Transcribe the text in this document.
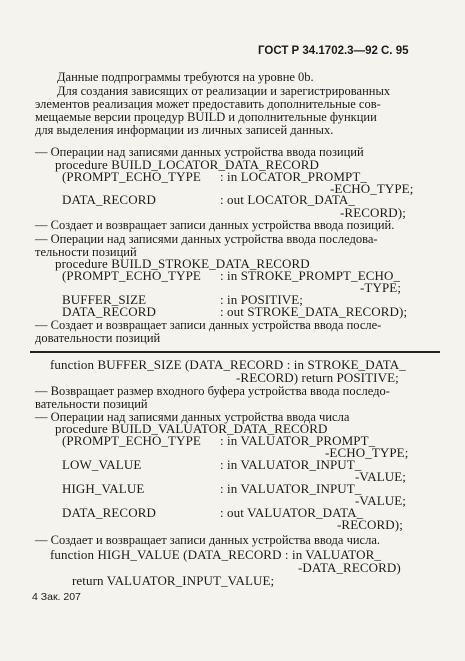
ГОСТ Р 34.1702.3—92 С. 95
Данные подпрограммы требуются на уровне 0b.
Для создания зависящих от реализации и зарегистрированных
элементов реализация может предоставить дополнительные сов-
мещаемые версии процедур BUILD и дополнительные функции
для выделения информации из личных записей данных.
— Операции над записями данных устройства ввода позиций
procedure BUILD_LOCATOR_DATA_RECORD
(PROMPT_ECHO_TYPE : in LOCATOR_PROMPT_
-ECHO_TYPE;
DATA_RECORD	: out LOCATOR_DATA_
-RECORD);
— Создает и возвращает записи данных устройства ввода позиций.
— Операции над записями данных устройства ввода последова-
тельности позиций
procedure BUILD_STROKE_DATA_RECORD
(PROMPT_ECHO_TYPE : in STROKE_PROMPT_ECHO_
-TYPE;
BUFFER_SIZE	: in POSITIVE;
DATA_RECORD	: out STROKE_DATA_RECORD);
— Создает и возвращает записи данных устройства ввода после-
довательности позиций
function BUFFER_SIZE (DATA_RECORD : in STROKE_DATA_
-RECORD) return POSITIVE;
— Возвращает размер входного буфера устройства ввода последо-
вательности позиций
— Операции над записями данных устройства ввода числа
procedure BUILD_VALUATOR_DATA_RECORD
(PROMPT_ECHO_TYPE : in VALUATOR_PROMPT_
-ECHO_TYPE;
LOW_VALUE	: in VALUATOR_INPUT_
-VALUE;
HIGH_VALUE	: in VALUATOR_INPUT_
-VALUE;
DATA_RECORD	: out VALUATOR_DATA_
-RECORD);
— Создает и возвращает записи данных устройства ввода числа.
function HIGH_VALUE (DATA_RECORD : in VALUATOR_
-DATA_RECORD)
return VALUATOR_INPUT_VALUE;
4 Зак. 207
